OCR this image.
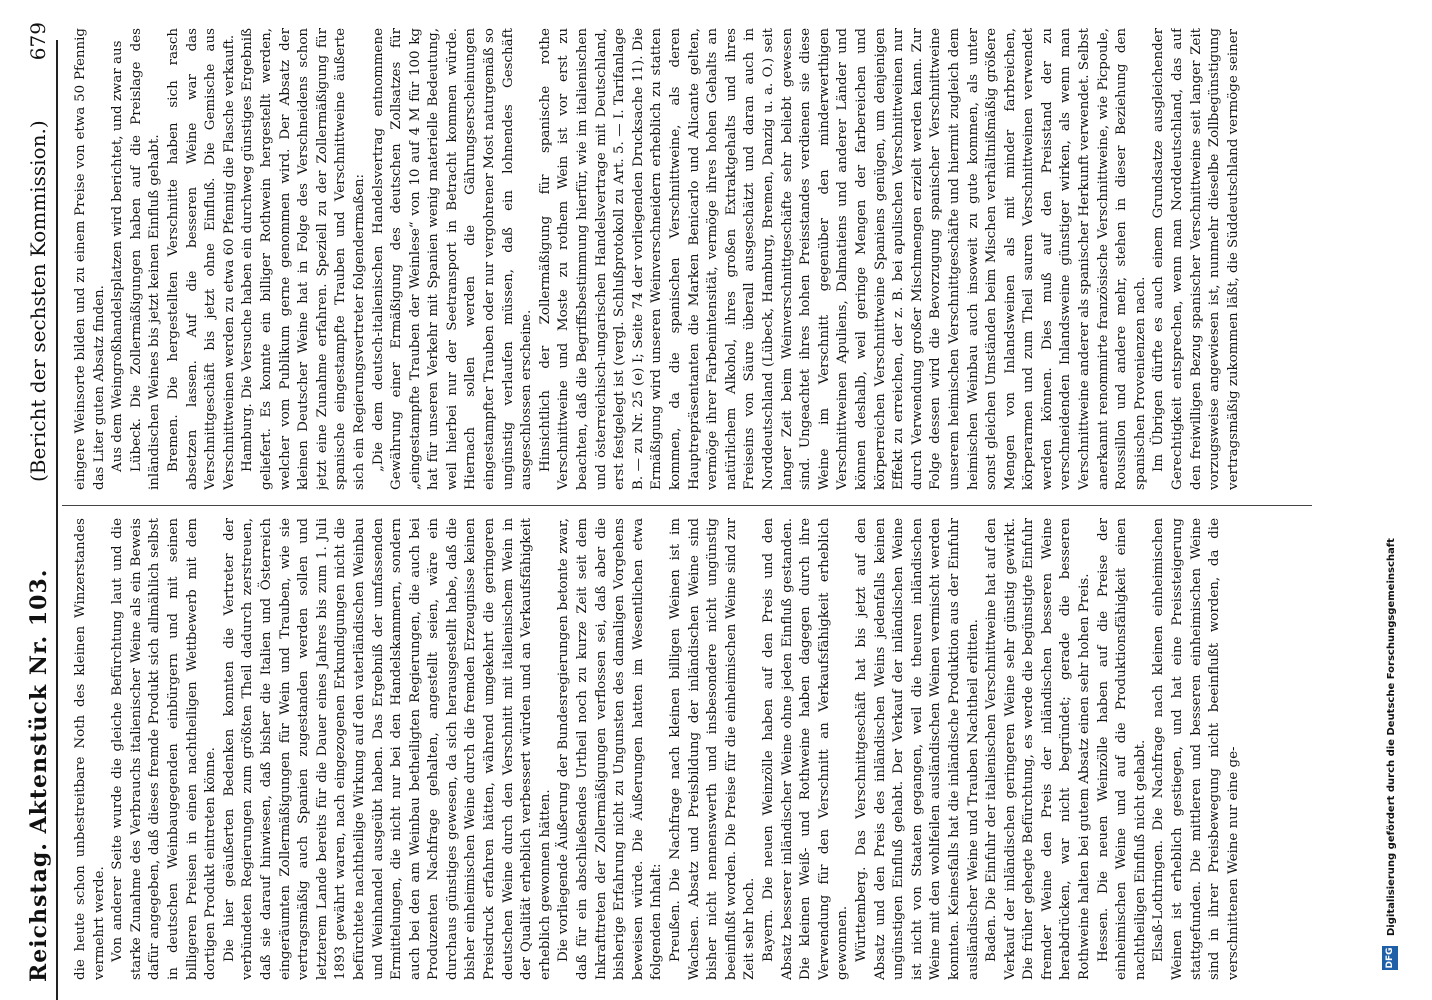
Reichstag. Aktenstück Nr. 103.
(Bericht der sechsten Kommission.)
679

die heute schon unbestreitbare Noth des kleinen Winzerstandes vermehrt werde. Von anderer Seite wurde die gleiche Befürchtung laut und die starke Zunahme des Verbrauchs italienischer Weine als ein Beweis dafür angegeben, daß dieses fremde Produkt sich allmählich selbst in deutschen Weinbaugegenden einbürgern und mit seinen billigeren Preisen in einen nachtheiligen Wettbewerb mit dem dortigen Produkt eintreten könne. Die hier geäußerten Bedenken konnten die Vertreter der verbündeten Regierungen zum größten Theil dadurch zerstreuen, daß sie darauf hinwiesen, daß bisher die Italien und Österreich eingeräumten Zollermäßigungen für Wein und Trauben, wie sie vertragsmäßig auch Spanien zugestanden werden sollen und letzterem Lande bereits für die Dauer eines Jahres bis zum 1. Juli 1893 gewährt waren, nach eingezogenen Erkundigungen nicht die befürchtete nachtheilige Wirkung auf den vaterländischen Weinbau und Weinhandel ausgeübt haben. Das Ergebniß der umfassenden Ermittelungen, die nicht nur bei den Handelskammern, sondern auch bei den am Weinbau betheiligten Regierungen, die auch bei Produzenten Nachfrage gehalten, angestellt seien, wäre ein durchaus günstiges gewesen, da sich herausgestellt habe, daß die bisher einheimischen Weine durch die fremden Erzeugnisse keinen Preisdruck erfahren hätten, während umgekehrt die geringeren deutschen Weine durch den Verschnitt mit italienischem Wein in der Qualität erheblich verbessert würden und an Verkaufsfähigkeit erheblich gewonnen hätten. Die vorliegende Äußerung der Bundesregierungen betonte zwar, daß für ein abschließendes Urtheil noch zu kurze Zeit seit dem Inkrafttreten der Zollermäßigungen verflossen sei, daß aber die bisherige Erfahrung nicht zu Ungunsten des damaligen Vorgehens beweisen würde. Die Äußerungen hatten im Wesentlichen etwa folgenden Inhalt: Preußen. Die Nachfrage nach kleinen billigen Weinen ist im Wachsen. Absatz und Preisbildung der inländischen Weine sind bisher nicht nennenswerth und insbesondere nicht ungünstig beeinflußt worden. Die Preise für die einheimischen Weine sind zur Zeit sehr hoch. Bayern. Die neuen Weinzölle haben auf den Preis und den Absatz besserer inländischer Weine ohne jeden Einfluß gestanden. Die kleinen Weiß- und Rothweine haben dagegen durch ihre Verwendung für den Verschnitt an Verkaufsfähigkeit erheblich gewonnen. Württemberg. Das Verschnittgeschäft hat bis jetzt auf den Absatz und den Preis des inländischen Weins jedenfalls keinen ungünstigen Einfluß gehabt. Der Verkauf der inländischen Weine ist nicht von Staaten gegangen, weil die theuren inländischen Weine mit den wohlfeilen ausländischen Weinen vermischt werden konnten. Keinesfalls hat die inländische Produktion aus der Einfuhr ausländischer Weine und Trauben Nachtheil erlitten. Baden. Die Einfuhr der italienischen Verschnittweine hat auf den Verkauf der inländischen geringeren Weine sehr günstig gewirkt. Die früher gehegte Befürchtung, es werde die begünstigte Einfuhr fremder Weine den Preis der inländischen besseren Weine herabdrücken, war nicht begründet; gerade die besseren Rothweine halten bei gutem Absatz einen sehr hohen Preis. Hessen. Die neuen Weinzölle haben auf die Preise der einheimischen Weine und auf die Produktionsfähigkeit einen nachtheiligen Einfluß nicht gehabt. Elsaß-Lothringen. Die Nachfrage nach kleinen einheimischen Weinen ist erheblich gestiegen, und hat eine Preissteigerung stattgefunden. Die mittleren und besseren einheimischen Weine sind in ihrer Preisbewegung nicht beeinflußt worden, da die verschnittenen Weine nur eine ge-

eingere Weinsorte bilden und zu einem Preise von etwa 50 Pfennig das Liter guten Absatz finden. Aus dem Weingroßhandelsplatzen wird berichtet, und zwar aus Lübeck. Die Zollermäßigungen haben auf die Preislage des inländischen Weines bis jetzt keinen Einfluß gehabt. Bremen. Die hergestellten Verschnitte haben sich rasch absetzen lassen. Auf die besseren Weine war das Verschnittgeschäft bis jetzt ohne Einfluß. Die Gemische aus Verschnittweinen werden zu etwa 60 Pfennig die Flasche verkauft. Hamburg. Die Versuche haben ein durchweg günstiges Ergebniß geliefert. Es konnte ein billiger Rothwein hergestellt werden, welcher vom Publikum gerne genommen wird. Der Absatz der kleinen Deutscher Weine hat in Folge des Verschneidens schon jetzt eine Zunahme erfahren. Speziell zu der Zollermäßigung für spanische eingestampfte Trauben und Verschnittweine äußerte sich ein Regierungsvertreter folgendermaßen: „Die dem deutsch-italienischen Handelsvertrag entnommene Gewährung einer Ermäßigung des deutschen Zollsatzes für „eingestampfte Trauben der Weinlese“ von 10 auf 4 M für 100 kg hat für unseren Verkehr mit Spanien wenig materielle Bedeutung, weil hierbei nur der Seetransport in Betracht kommen würde. Hiernach sollen werden die Gährungserscheinungen eingestampfter Trauben oder nur vergohrener Most naturgemäß so ungünstig verlaufen müssen, daß ein lohnendes Geschäft ausgeschlossen erscheine. Hinsichtlich der Zollermäßigung für spanische rothe Verschnittweine und Moste zu rothem Wein ist vor erst zu beachten, daß die Begriffsbestimmung hierfür, wie im italienischen und österreichisch-ungarischen Handelsvertrage mit Deutschland, erst festgelegt ist (vergl. Schlußprotokoll zu Art. 5. — I. Tarifanlage B. — zu Nr. 25 (e) I; Seite 74 der vorliegenden Drucksache 11). Die Ermäßigung wird unseren Weinverschneidern erheblich zu statten kommen, da die spanischen Verschnittweine, als deren Hauptrepräsentanten die Marken Benicarlo und Alicante gelten, vermöge ihrer Farbenintensität, vermöge ihres hohen Gehalts an natürlichem Alkohol, ihres großen Extraktgehalts und ihres Freiseins von Säure überall ausgeschätzt und daran auch in Norddeutschland (Lübeck, Hamburg, Bremen, Danzig u. a. O.) seit langer Zeit beim Weinverschnittgeschäfte sehr beliebt gewesen sind. Ungeachtet ihres hohen Preisstandes verdienen sie diese Weine im Verschnitt gegenüber den minderwerthigen Verschnittweinen Apuliens, Dalmatiens und anderer Länder und können deshalb, weil geringe Mengen der farbereichen und körperreichen Verschnittweine Spaniens genügen, um denjenigen Effekt zu erreichen, der z. B. bei apulischen Verschnittweinen nur durch Verwendung großer Mischmengen erzielt werden kann. Zur Folge dessen wird die Bevorzugung spanischer Verschnittweine unserem heimischen Verschnittgeschäfte und hiermit zugleich dem heimischen Weinbau auch insoweit zu gute kommen, als unter sonst gleichen Umständen beim Mischen verhältnißmäßig größere Mengen von Inlandsweinen als mit minder farbreichen, körperarmen und zum Theil sauren Verschnittweinen verwendet werden können. Dies muß auf den Preisstand der zu verschneidenden Inlandsweine günstiger wirken, als wenn man Verschnittweine anderer als spanischer Herkunft verwendet. Selbst anerkannt renommirte französische Verschnittweine, wie Picpoule, Roussillon und andere mehr, stehen in dieser Beziehung den spanischen Provenienzen nach. Im Übrigen dürfte es auch einem Grundsatze ausgleichender Gerechtigkeit entsprechen, wenn man Norddeutschland, das auf den freiwilligen Bezug spanischer Verschnittweine seit langer Zeit vorzugsweise angewiesen ist, nunmehr dieselbe Zollbegünstigung vertragsmäßig zukommen läßt, die Süddeutschland vermöge seiner

DFG
Digitalisierung gefördert durch die Deutsche Forschungsgemeinschaft
